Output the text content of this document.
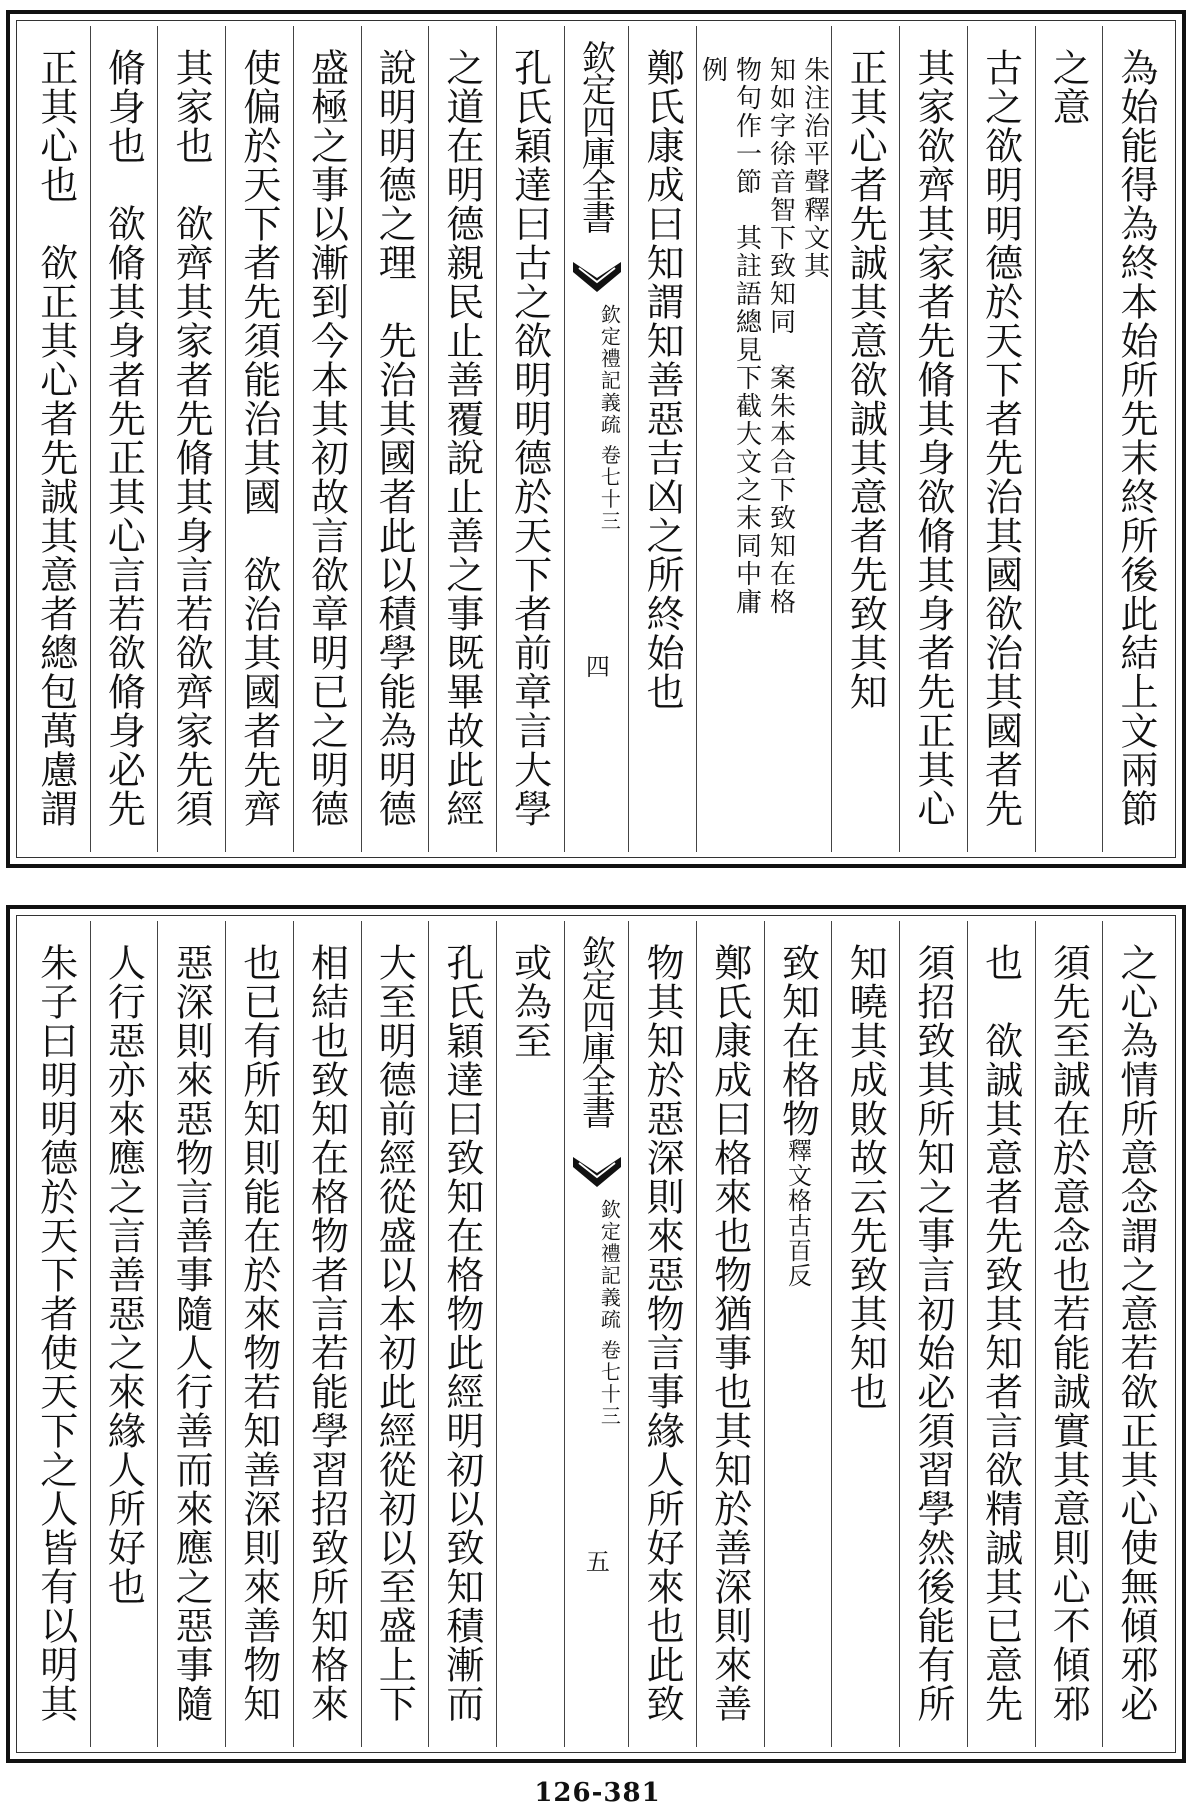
為始能得為終本始所先末終所後此結上文兩節
之意
古之欲明明德於天下者先治其國欲治其國者先
其家欲齊其家者先脩其身欲脩其身者先正其心
正其心者先誠其意欲誠其意者先致其知
朱注治平聲釋文其
知如字徐音智下致知同　案朱本合下致知在格
物句作一節　其註語總見下截大文之末同中庸
例
鄭氏康成曰知謂知善惡吉凶之所終始也
欽定四庫全書
欽定禮記義疏 卷七十三
四
孔氏穎達曰古之欲明明德於天下者前章言大學
之道在明德親民止善覆說止善之事既畢故此經
說明明德之理　先治其國者此以積學能為明德
盛極之事以漸到今本其初故言欲章明已之明德
使偏於天下者先須能治其國　欲治其國者先齊
其家也　欲齊其家者先脩其身言若欲齊家先須
脩身也　欲脩其身者先正其心言若欲脩身必先
正其心也　欲正其心者先誠其意者總包萬慮謂
之心為情所意念謂之意若欲正其心使無傾邪必
須先至誠在於意念也若能誠實其意則心不傾邪
也　欲誠其意者先致其知者言欲精誠其已意先
須招致其所知之事言初始必須習學然後能有所
知曉其成敗故云先致其知也
致知在格物釋文格古百反
鄭氏康成曰格來也物猶事也其知於善深則來善
物其知於惡深則來惡物言事緣人所好來也此致
欽定四庫全書
欽定禮記義疏 卷七十三
五
或為至
孔氏穎達曰致知在格物此經明初以致知積漸而
大至明德前經從盛以本初此經從初以至盛上下
相結也致知在格物者言若能學習招致所知格來
也已有所知則能在於來物若知善深則來善物知
惡深則來惡物言善事隨人行善而來應之惡事隨
人行惡亦來應之言善惡之來緣人所好也
朱子曰明明德於天下者使天下之人皆有以明其
126-381
